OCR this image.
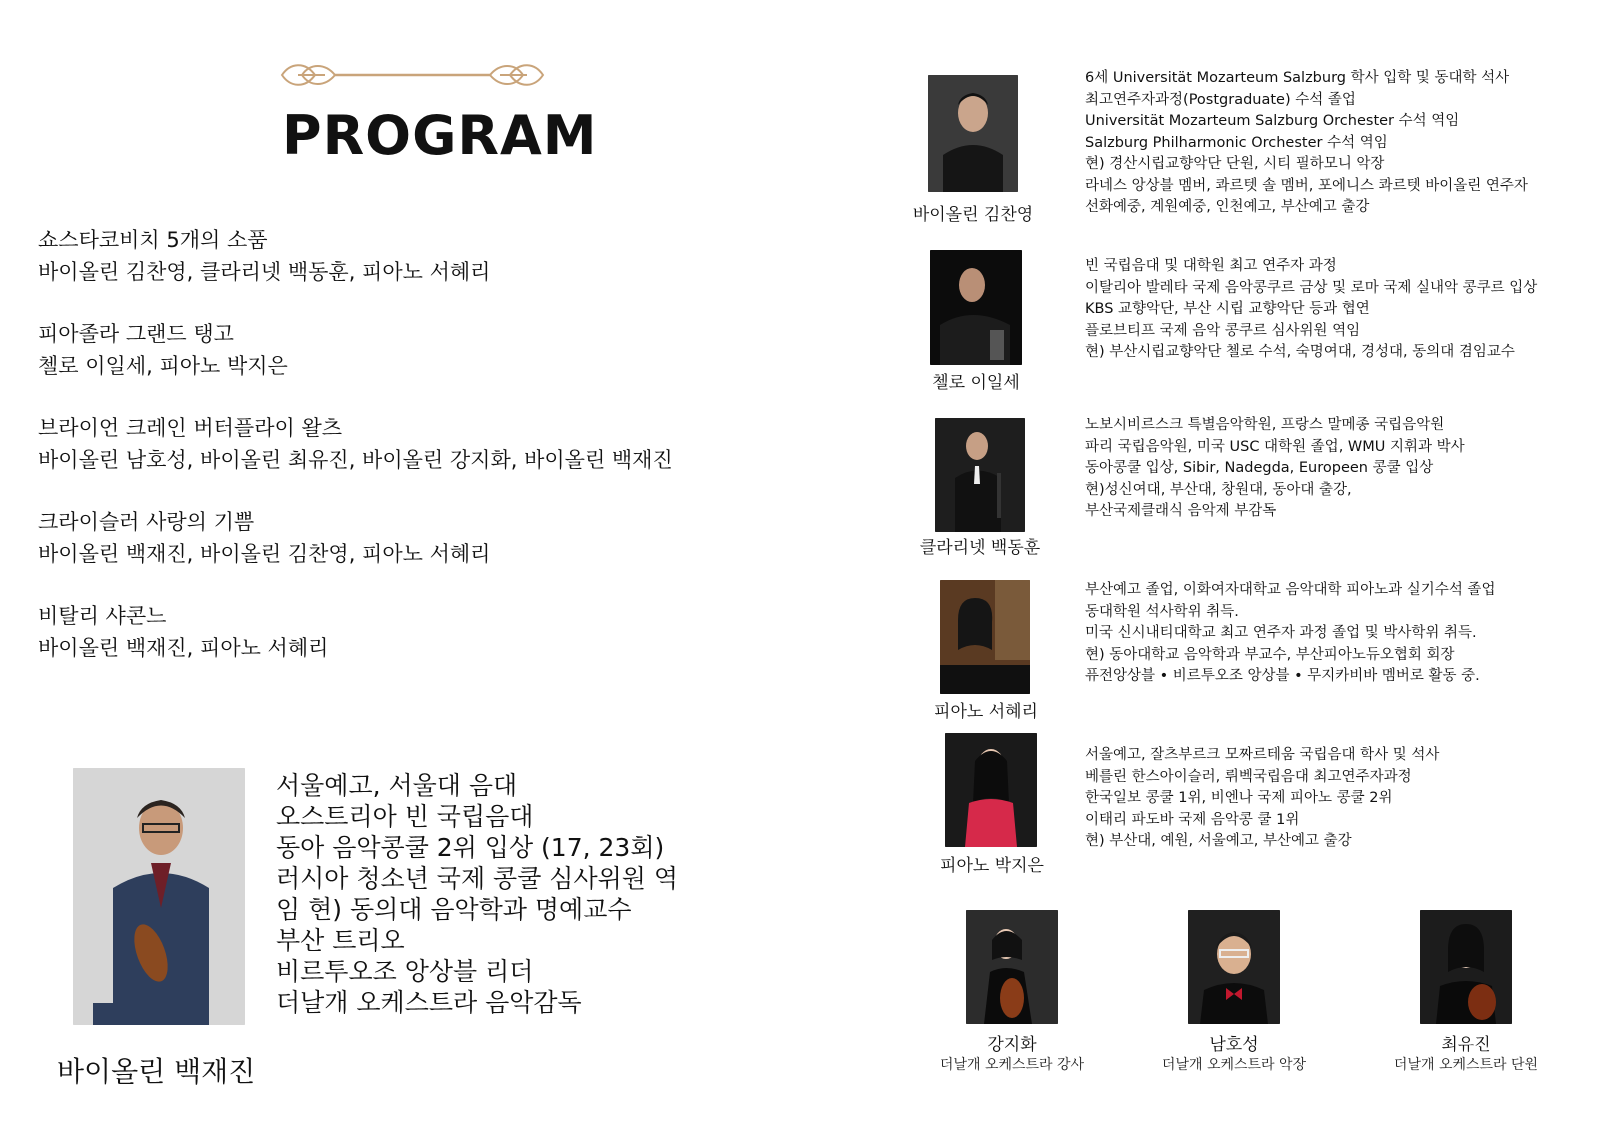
PROGRAM
쇼스타코비치 5개의 소품
바이올린 김찬영, 클라리넷 백동훈, 피아노 서혜리
피아졸라 그랜드 탱고
첼로 이일세, 피아노 박지은
브라이언 크레인 버터플라이 왈츠
바이올린 남호성, 바이올린 최유진, 바이올린 강지화, 바이올린 백재진
크라이슬러 사랑의 기쁨
바이올린 백재진, 바이올린 김찬영, 피아노 서혜리
비탈리 샤콘느
바이올린 백재진, 피아노 서혜리
서울예고, 서울대 음대
오스트리아 빈 국립음대
동아 음악콩쿨 2위 입상 (17, 23회)
러시아 청소년 국제 콩쿨 심사위원 역임 현) 동의대 음악학과 명예교수
부산 트리오
비르투오조 앙상블 리더
더날개 오케스트라 음악감독
바이올린 백재진
바이올린 김찬영
6세 Universität Mozarteum Salzburg 학사 입학 및 동대학 석사
최고연주자과정(Postgraduate) 수석 졸업
Universität Mozarteum Salzburg Orchester 수석 역임
Salzburg Philharmonic Orchester 수석 역임
현) 경산시립교향악단 단원, 시티 필하모니 악장
라네스 앙상블 멤버, 콰르텟 솔 멤버, 포에니스 콰르텟 바이올린 연주자
선화예중, 계원예중, 인천예고, 부산예고 출강
첼로 이일세
빈 국립음대 및 대학원 최고 연주자 과정
이탈리아 발레타 국제 음악콩쿠르 금상 및 로마 국제 실내악 콩쿠르 입상
KBS 교향악단, 부산 시립 교향악단 등과 협연
플로브티프 국제 음악 콩쿠르 심사위원 역임
현) 부산시립교향악단 첼로 수석, 숙명여대, 경성대, 동의대 겸임교수
클라리넷 백동훈
노보시비르스크 특별음악학원, 프랑스 말메종 국립음악원
파리 국립음악원, 미국 USC 대학원 졸업, WMU 지휘과 박사
동아콩쿨 입상, Sibir, Nadegda, Europeen 콩쿨 입상
현)성신여대, 부산대, 창원대, 동아대 출강,
부산국제클래식 음악제 부감독
피아노 서혜리
부산예고 졸업, 이화여자대학교 음악대학 피아노과 실기수석 졸업
동대학원 석사학위 취득.
미국 신시내티대학교 최고 연주자 과정 졸업 및 박사학위 취득.
현) 동아대학교 음악학과 부교수, 부산피아노듀오협회 회장
퓨전앙상블 • 비르투오조 앙상블 • 무지카비바 멤버로 활동 중.
피아노 박지은
서울예고, 잘츠부르크 모짜르테움 국립음대 학사 및 석사
베를린 한스아이슬러, 뤼벡국립음대 최고연주자과정
한국일보 콩쿨 1위, 비엔나 국제 피아노 콩쿨 2위
이태리 파도바 국제 음악콩 쿨 1위
현) 부산대, 예원, 서울예고, 부산예고 출강
강지화
더날개 오케스트라 강사
남호성
더날개 오케스트라 악장
최유진
더날개 오케스트라 단원
